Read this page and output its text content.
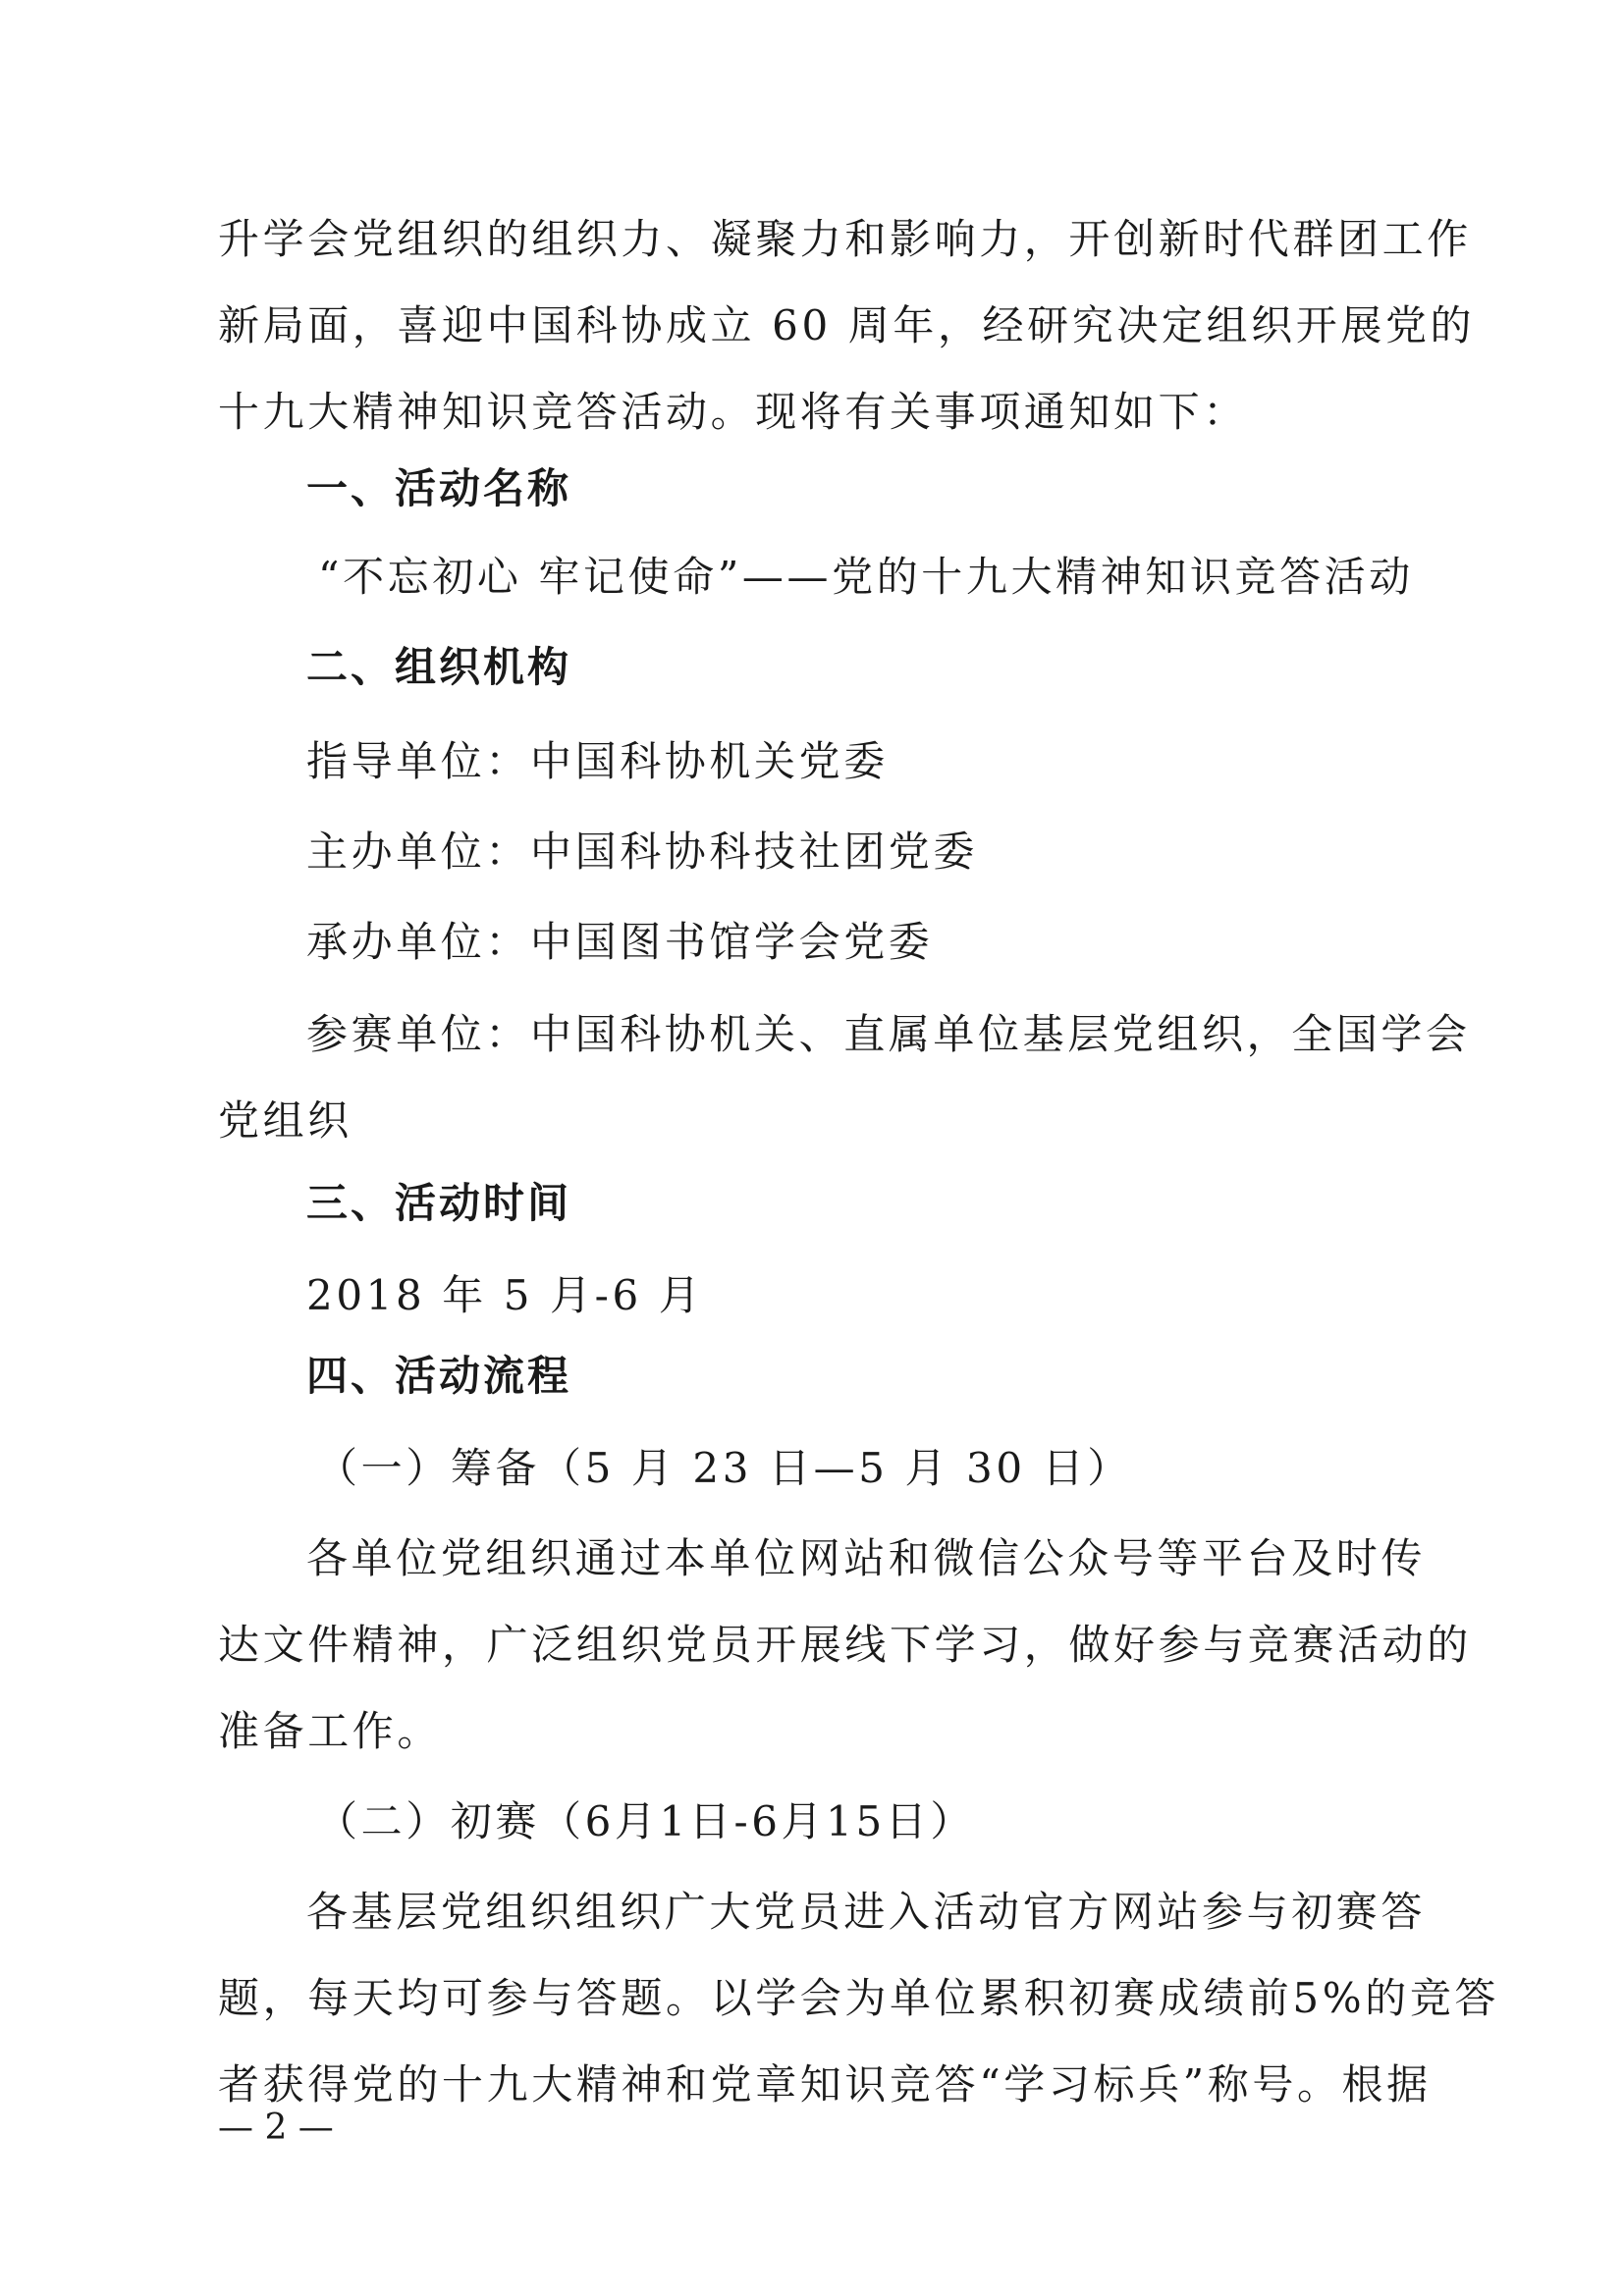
升学会党组织的组织力、凝聚力和影响力，开创新时代群团工作
新局面，喜迎中国科协成立 60 周年，经研究决定组织开展党的
十九大精神知识竞答活动。现将有关事项通知如下：
一、活动名称
“不忘初心 牢记使命”——党的十九大精神知识竞答活动
二、组织机构
指导单位：中国科协机关党委
主办单位：中国科协科技社团党委
承办单位：中国图书馆学会党委
参赛单位：中国科协机关、直属单位基层党组织，全国学会
党组织
三、活动时间
2018 年 5 月-6 月
四、活动流程
（一）筹备（5 月 23 日—5 月 30 日）
各单位党组织通过本单位网站和微信公众号等平台及时传
达文件精神，广泛组织党员开展线下学习，做好参与竞赛活动的
准备工作。
（二）初赛（6月1日-6月15日）
各基层党组织组织广大党员进入活动官方网站参与初赛答
题，每天均可参与答题。以学会为单位累积初赛成绩前5%的竞答
者获得党的十九大精神和党章知识竞答“学习标兵”称号。根据
— 2 —
